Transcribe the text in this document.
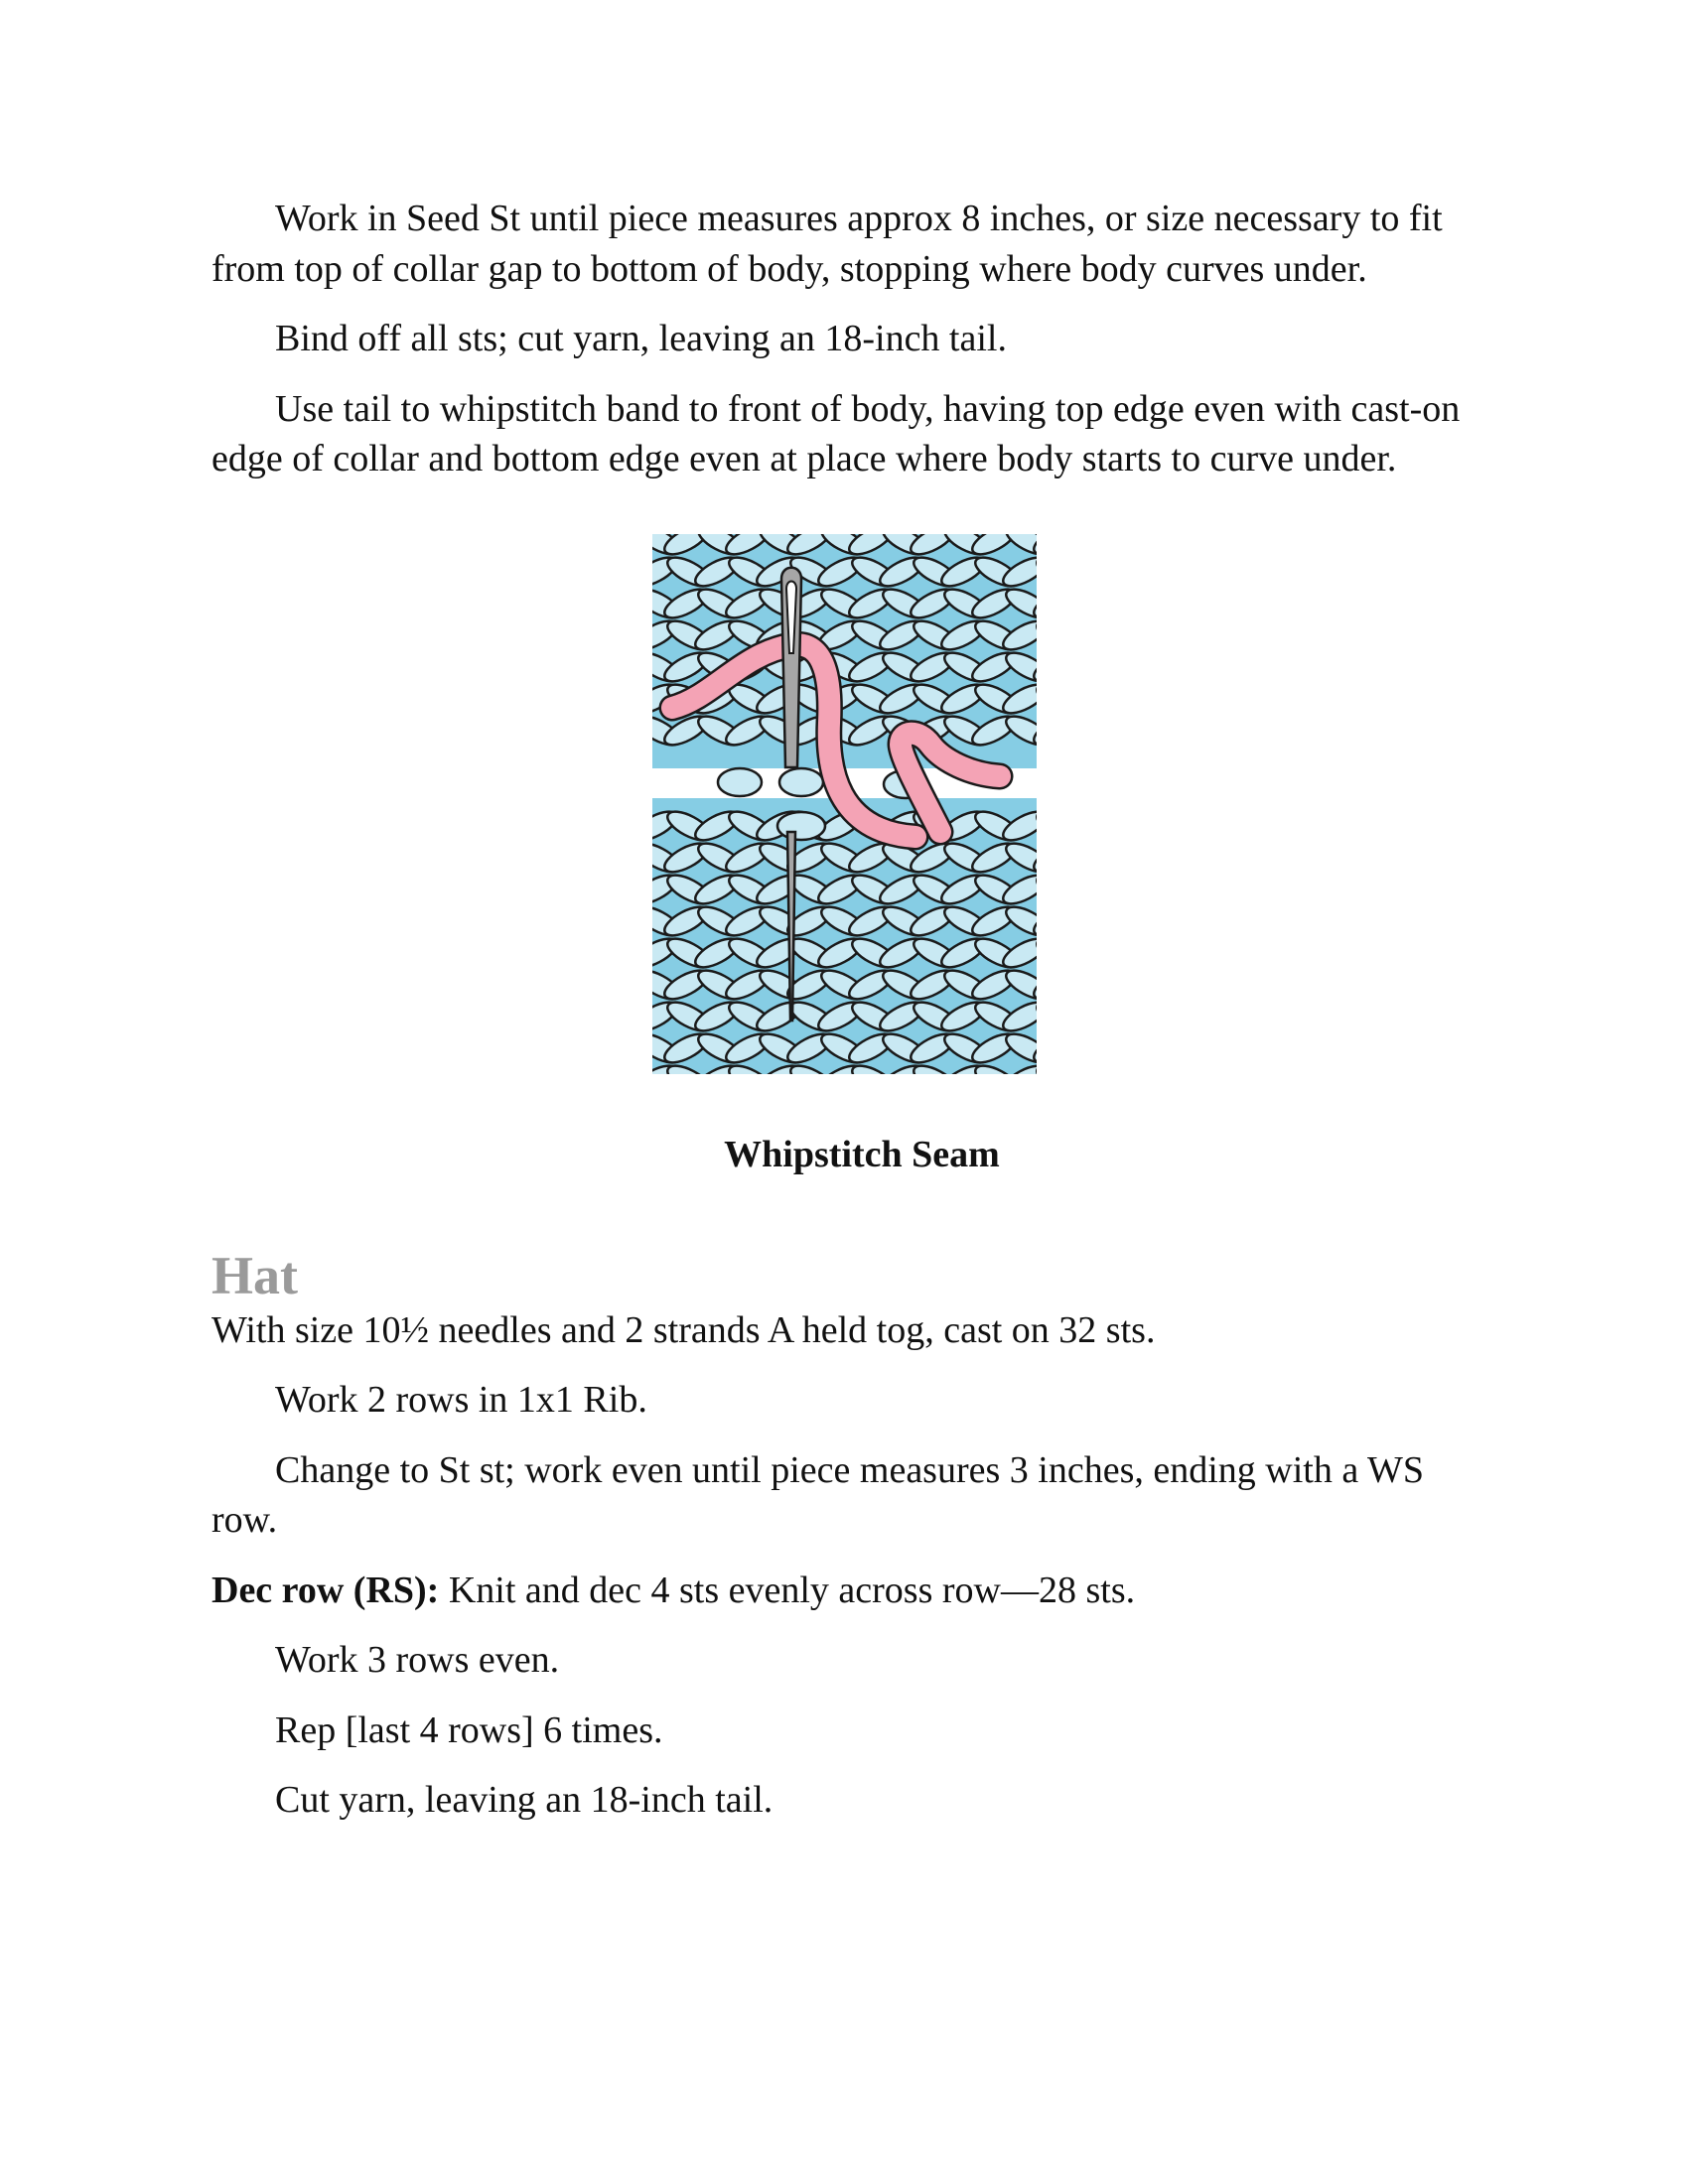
Work in Seed St until piece measures approx 8 inches, or size necessary to fit from top of collar gap to bottom of body, stopping where body curves under.

Bind off all sts; cut yarn, leaving an 18-inch tail.

Use tail to whipstitch band to front of body, having top edge even with cast-on edge of collar and bottom edge even at place where body starts to curve under.

Whipstitch Seam
Hat

With size 10½ needles and 2 strands A held tog, cast on 32 sts.

Work 2 rows in 1x1 Rib.

Change to St st; work even until piece measures 3 inches, ending with a WS row.

Dec row (RS): Knit and dec 4 sts evenly across row—28 sts.

Work 3 rows even.

Rep [last 4 rows] 6 times.

Cut yarn, leaving an 18-inch tail.
